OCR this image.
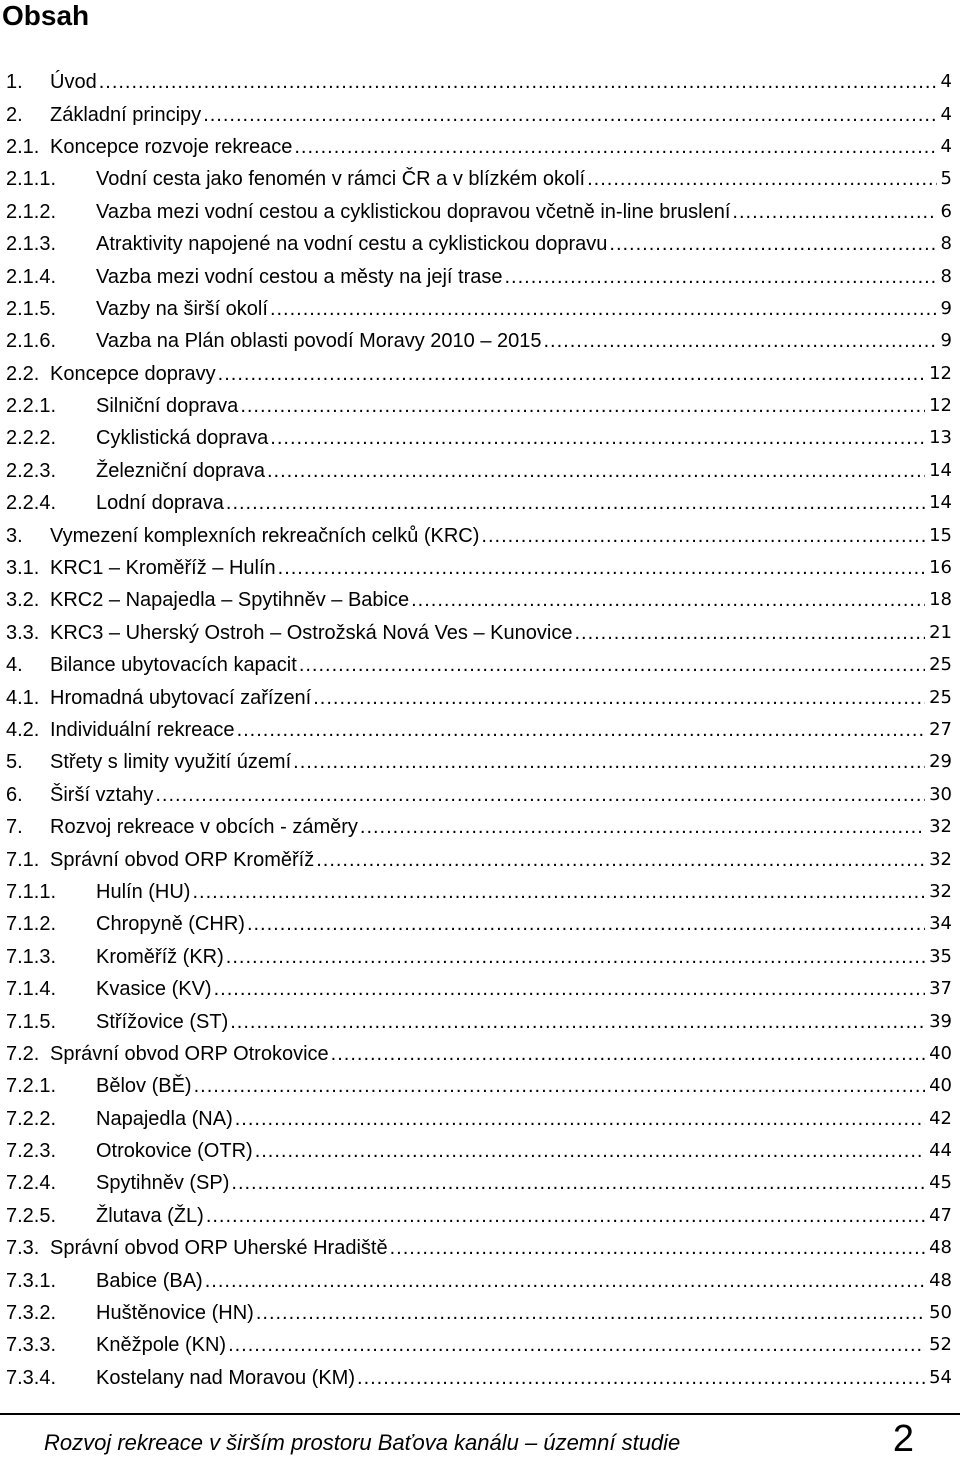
Obsah
1.	Úvod .....	4
2.	Základní principy .....	4
2.1. Koncepce rozvoje rekreace .....	4
2.1.1.	Vodní cesta jako fenomén v rámci ČR a v blízkém okolí .....	5
2.1.2.	Vazba mezi vodní cestou a cyklistickou dopravou včetně in-line bruslení .....	6
2.1.3.	Atraktivity napojené na vodní cestu a cyklistickou dopravu .....	8
2.1.4.	Vazba mezi vodní cestou a městy na její trase .....	8
2.1.5.	Vazby na širší okolí .....	9
2.1.6.	Vazba na Plán oblasti povodí Moravy 2010 – 2015 .....	9
2.2. Koncepce dopravy .....	12
2.2.1.	Silniční doprava .....	12
2.2.2.	Cyklistická doprava .....	13
2.2.3.	Železniční doprava .....	14
2.2.4.	Lodní doprava .....	14
3.	Vymezení komplexních rekreačních celků (KRC) .....	15
3.1. KRC1 – Kroměříž – Hulín .....	16
3.2. KRC2 – Napajedla – Spytihněv – Babice .....	18
3.3. KRC3 – Uherský Ostroh – Ostrožská Nová Ves – Kunovice .....	21
4.	Bilance ubytovacích kapacit .....	25
4.1. Hromadná ubytovací zařízení .....	25
4.2. Individuální rekreace .....	27
5.	Střety s limity využití území .....	29
6.	Širší vztahy .....	30
7.	Rozvoj rekreace v obcích - záměry .....	32
7.1. Správní obvod ORP Kroměříž .....	32
7.1.1.	Hulín (HU) .....	32
7.1.2.	Chropyně (CHR) .....	34
7.1.3.	Kroměříž (KR) .....	35
7.1.4.	Kvasice (KV) .....	37
7.1.5.	Střížovice (ST) .....	39
7.2. Správní obvod ORP Otrokovice .....	40
7.2.1.	Bělov (BĚ) .....	40
7.2.2.	Napajedla (NA) .....	42
7.2.3.	Otrokovice (OTR) .....	44
7.2.4.	Spytihněv (SP) .....	45
7.2.5.	Žlutava (ŽL) .....	47
7.3. Správní obvod ORP Uherské Hradiště .....	48
7.3.1.	Babice (BA) .....	48
7.3.2.	Huštěnovice (HN) .....	50
7.3.3.	Kněžpole (KN) .....	52
7.3.4.	Kostelany nad Moravou (KM) .....	54
Rozvoj rekreace v širším prostoru Baťova kanálu – územní studie	2
